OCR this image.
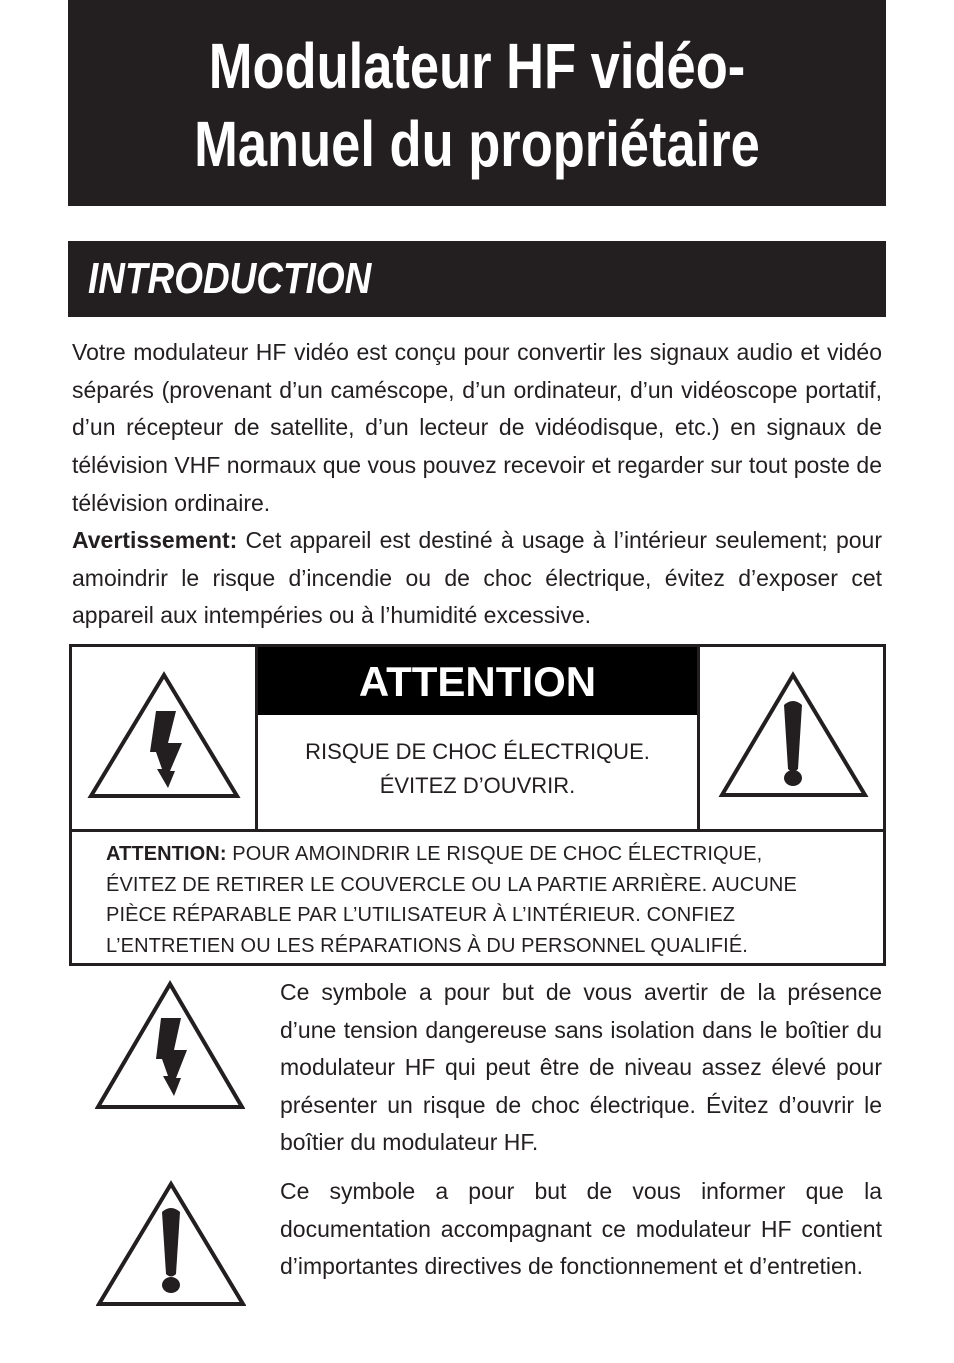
Modulateur HF vidéo-
Manuel du propriétaire
INTRODUCTION
Votre modulateur HF vidéo est conçu pour convertir les signaux audio et vidéo séparés (provenant d’un caméscope, d’un ordinateur, d’un vidéoscope portatif, d’un récepteur de satellite, d’un lecteur de vidéodisque, etc.) en signaux de télévision VHF normaux que vous pouvez recevoir et regarder sur tout poste de télévision ordinaire.
Avertissement: Cet appareil est destiné à usage à l’intérieur seulement; pour amoindrir le risque d’incendie ou de choc électrique, évitez d’exposer cet appareil aux intempéries ou à l’humidité excessive.
ATTENTION
RISQUE DE CHOC ÉLECTRIQUE.
ÉVITEZ D’OUVRIR.
ATTENTION: POUR AMOINDRIR LE RISQUE DE CHOC ÉLECTRIQUE,
ÉVITEZ DE RETIRER LE COUVERCLE OU LA PARTIE ARRIÈRE. AUCUNE
PIÈCE RÉPARABLE PAR L’UTILISATEUR À L’INTÉRIEUR. CONFIEZ
L’ENTRETIEN OU LES RÉPARATIONS À DU PERSONNEL QUALIFIÉ.
Ce symbole a pour but de vous avertir de la présence d’une tension dangereuse sans isolation dans le boîtier du modulateur HF qui peut être de niveau assez élevé pour présenter un risque de choc électrique. Évitez d’ouvrir le boîtier du modulateur HF.
Ce symbole a pour but de vous informer que la documentation accompagnant ce modulateur HF contient d’importantes directives de fonctionnement et d’entretien.
